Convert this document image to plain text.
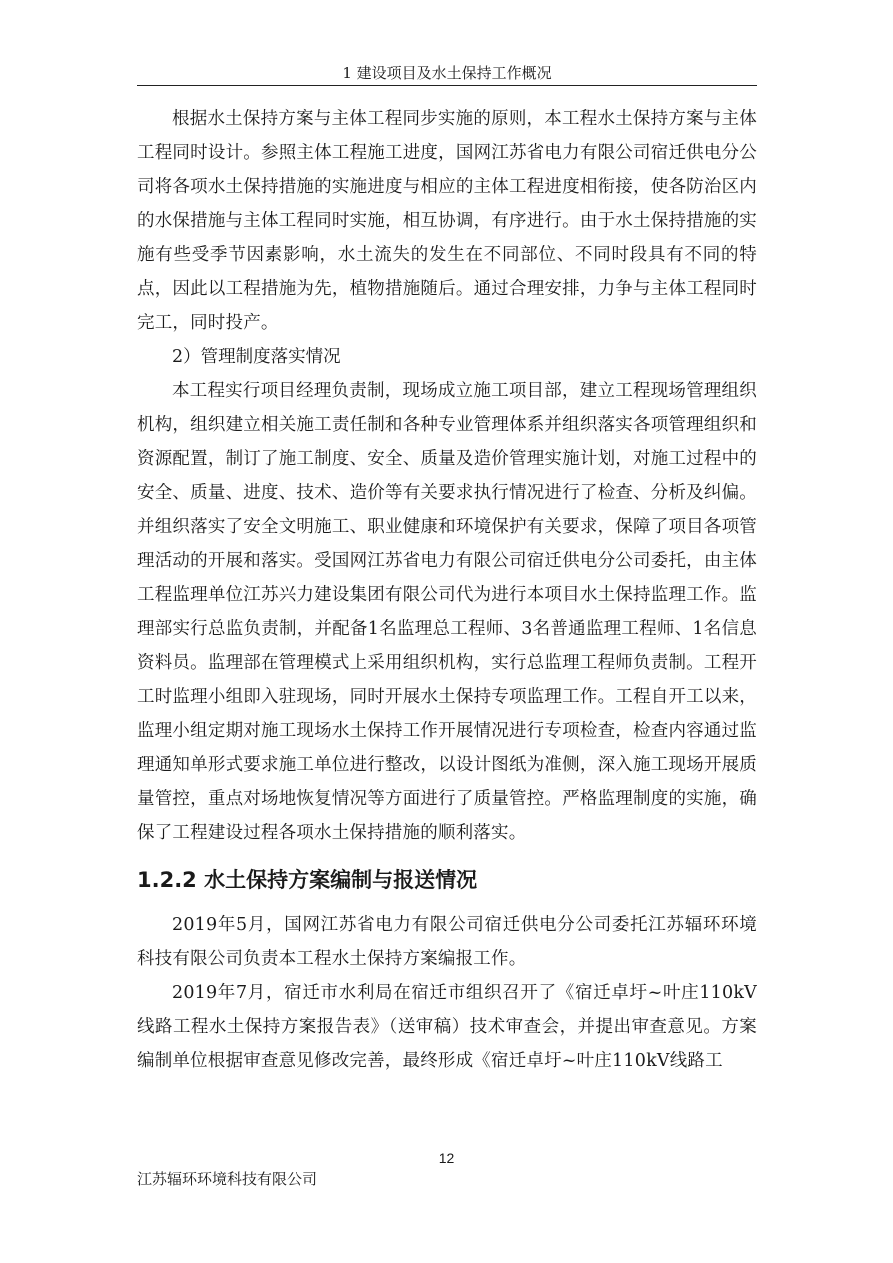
1 建设项目及水土保持工作概况

根据水土保持方案与主体工程同步实施的原则，本工程水土保持方案与主体工程同时设计。参照主体工程施工进度，国网江苏省电力有限公司宿迁供电分公司将各项水土保持措施的实施进度与相应的主体工程进度相衔接，使各防治区内的水保措施与主体工程同时实施，相互协调，有序进行。由于水土保持措施的实施有些受季节因素影响，水土流失的发生在不同部位、不同时段具有不同的特点，因此以工程措施为先，植物措施随后。通过合理安排，力争与主体工程同时完工，同时投产。

2）管理制度落实情况

本工程实行项目经理负责制，现场成立施工项目部，建立工程现场管理组织机构，组织建立相关施工责任制和各种专业管理体系并组织落实各项管理组织和资源配置，制订了施工制度、安全、质量及造价管理实施计划，对施工过程中的安全、质量、进度、技术、造价等有关要求执行情况进行了检查、分析及纠偏。并组织落实了安全文明施工、职业健康和环境保护有关要求，保障了项目各项管理活动的开展和落实。受国网江苏省电力有限公司宿迁供电分公司委托，由主体工程监理单位江苏兴力建设集团有限公司代为进行本项目水土保持监理工作。监理部实行总监负责制，并配备1名监理总工程师、3名普通监理工程师、1名信息资料员。监理部在管理模式上采用组织机构，实行总监理工程师负责制。工程开工时监理小组即入驻现场，同时开展水土保持专项监理工作。工程自开工以来，监理小组定期对施工现场水土保持工作开展情况进行专项检查，检查内容通过监理通知单形式要求施工单位进行整改，以设计图纸为准侧，深入施工现场开展质量管控，重点对场地恢复情况等方面进行了质量管控。严格监理制度的实施，确保了工程建设过程各项水土保持措施的顺利落实。

1.2.2 水土保持方案编制与报送情况

2019年5月，国网江苏省电力有限公司宿迁供电分公司委托江苏辐环环境科技有限公司负责本工程水土保持方案编报工作。

2019年7月，宿迁市水利局在宿迁市组织召开了《宿迁卓圩~叶庄110kV线路工程水土保持方案报告表》（送审稿）技术审查会，并提出审查意见。方案编制单位根据审查意见修改完善，最终形成《宿迁卓圩~叶庄110kV线路工

12
江苏辐环环境科技有限公司
